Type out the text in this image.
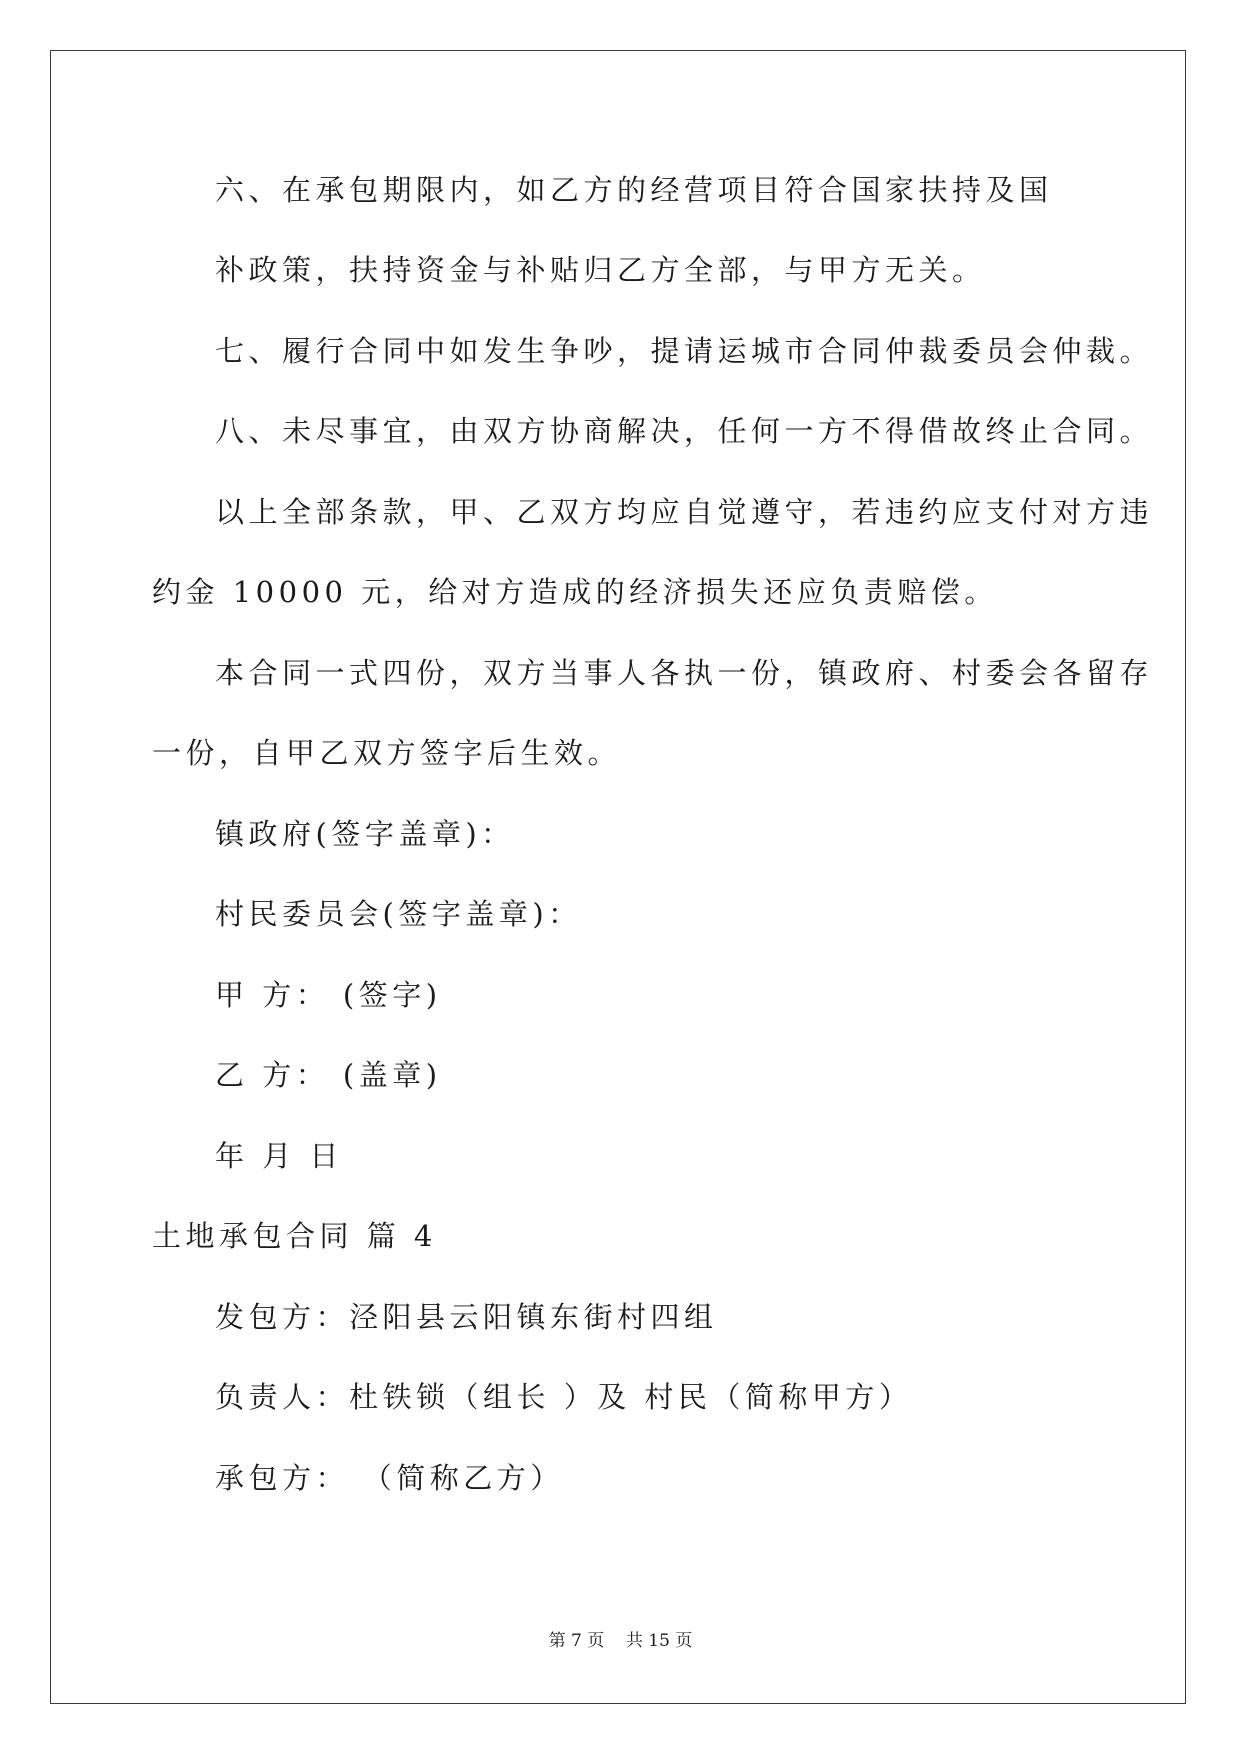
六、在承包期限内，如乙方的经营项目符合国家扶持及国
补政策，扶持资金与补贴归乙方全部，与甲方无关。
七、履行合同中如发生争吵，提请运城市合同仲裁委员会仲裁。
八、未尽事宜，由双方协商解决，任何一方不得借故终止合同。
以上全部条款，甲、乙双方均应自觉遵守，若违约应支付对方违
约金 10000 元，给对方造成的经济损失还应负责赔偿。
本合同一式四份，双方当事人各执一份，镇政府、村委会各留存
一份，自甲乙双方签字后生效。
镇政府(签字盖章)：
村民委员会(签字盖章)：
甲 方： (签字)
乙 方： (盖章)
年 月 日
土地承包合同 篇 4
发包方：泾阳县云阳镇东街村四组
负责人：杜铁锁（组长 ）及 村民（简称甲方）
承包方： （简称乙方）
第 7 页    共 15 页
